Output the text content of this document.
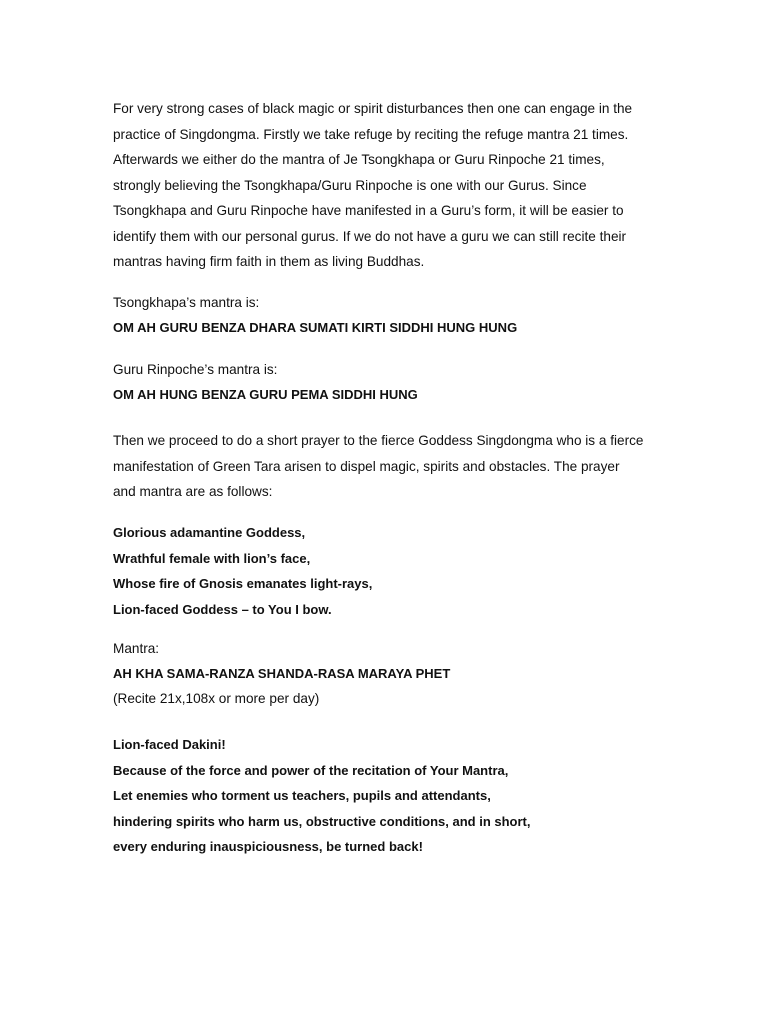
For very strong cases of black magic or spirit disturbances then one can engage in the
practice of Singdongma. Firstly we take refuge by reciting the refuge mantra 21 times.
Afterwards we either do the mantra of Je Tsongkhapa or Guru Rinpoche 21 times,
strongly believing the Tsongkhapa/Guru Rinpoche is one with our Gurus. Since
Tsongkhapa and Guru Rinpoche have manifested in a Guru’s form, it will be easier to
identify them with our personal gurus. If we do not have a guru we can still recite their
mantras having firm faith in them as living Buddhas.
Tsongkhapa’s mantra is:
OM AH GURU BENZA DHARA SUMATI KIRTI SIDDHI HUNG HUNG
Guru Rinpoche’s mantra is:
OM AH HUNG BENZA GURU PEMA SIDDHI HUNG
Then we proceed to do a short prayer to the fierce Goddess Singdongma who is a fierce
manifestation of Green Tara arisen to dispel magic, spirits and obstacles. The prayer
and mantra are as follows:
Glorious adamantine Goddess,
Wrathful female with lion’s face,
Whose fire of Gnosis emanates light-rays,
Lion-faced Goddess – to You I bow.
Mantra:
AH KHA SAMA-RANZA SHANDA-RASA MARAYA PHET
(Recite 21x,108x or more per day)
Lion-faced Dakini!
Because of the force and power of the recitation of Your Mantra,
Let enemies who torment us teachers, pupils and attendants,
hindering spirits who harm us, obstructive conditions, and in short,
every enduring inauspiciousness, be turned back!
